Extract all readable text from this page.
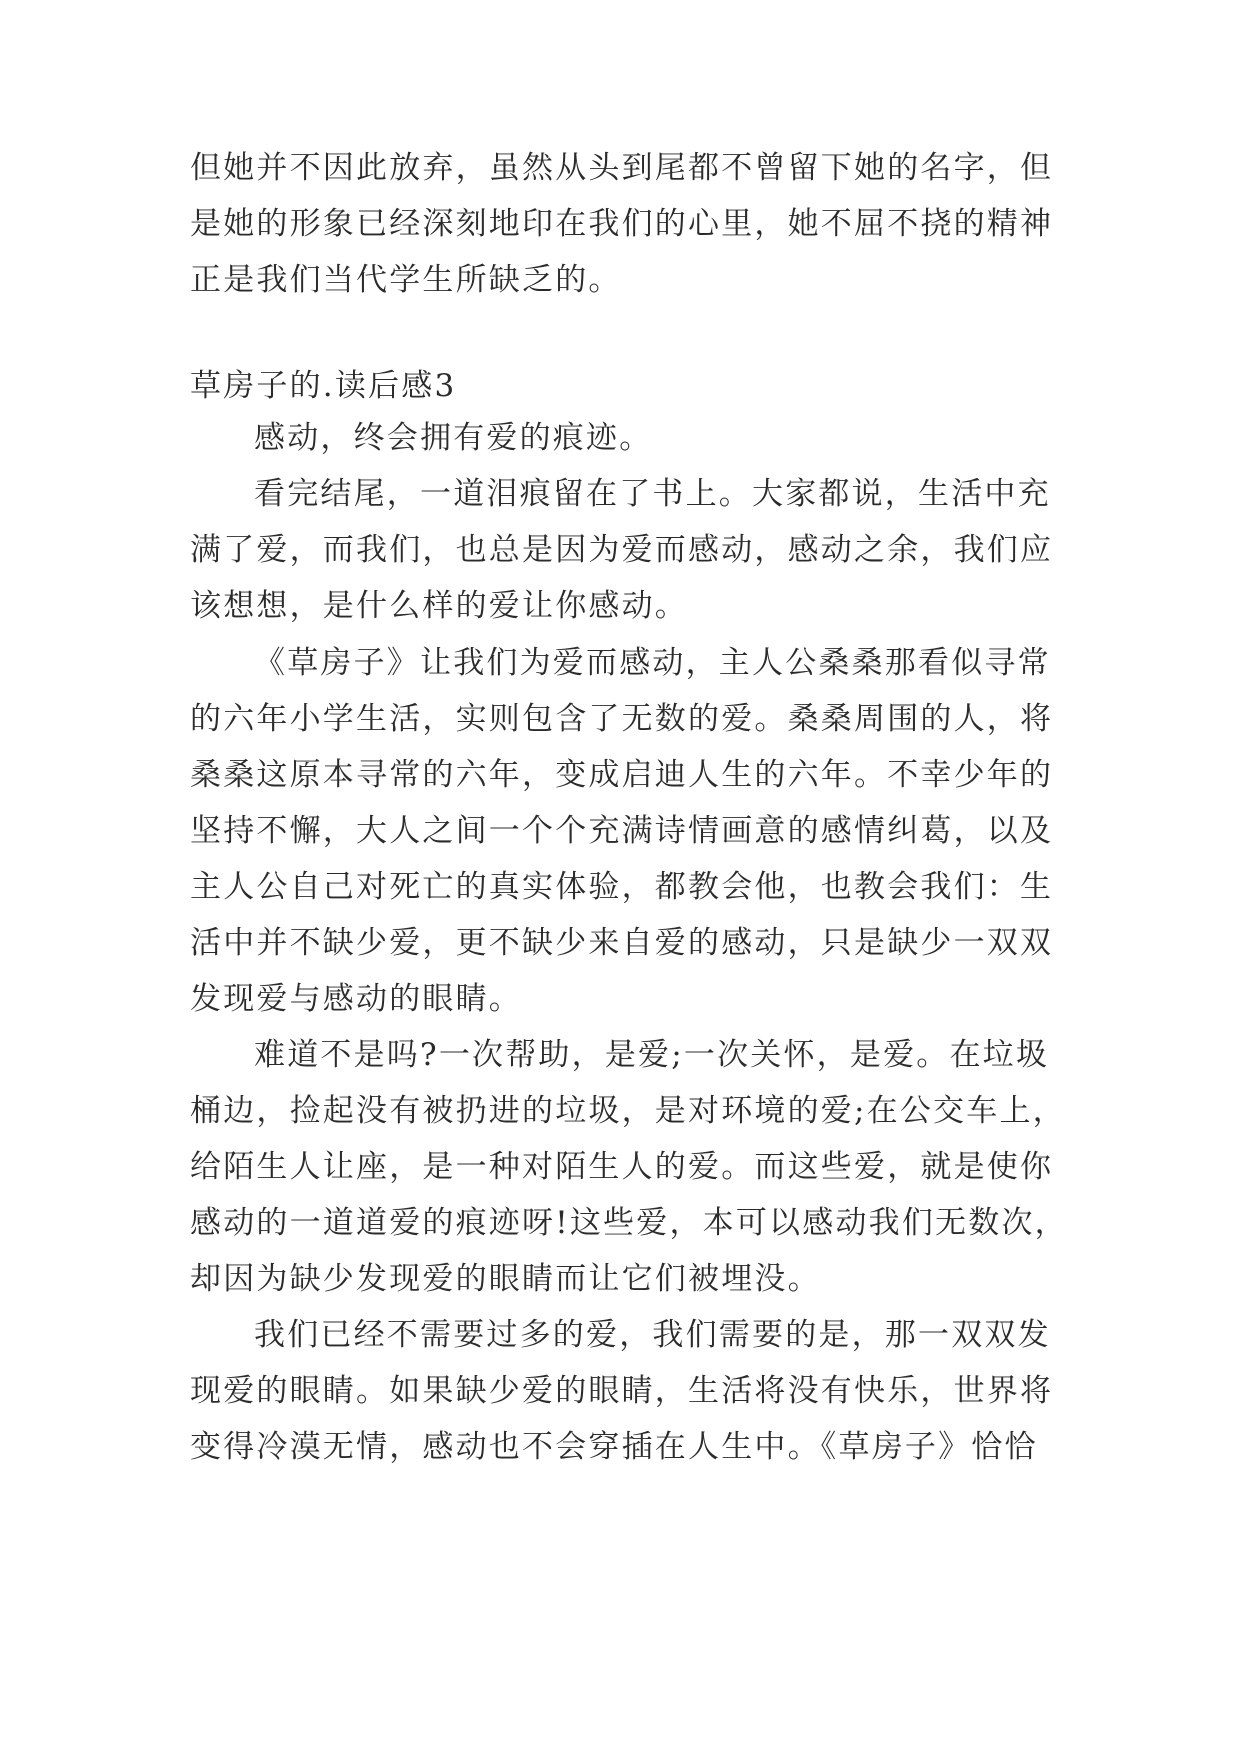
但她并不因此放弃，虽然从头到尾都不曾留下她的名字，但
是她的形象已经深刻地印在我们的心里，她不屈不挠的精神
正是我们当代学生所缺乏的。
草房子的.读后感3
感动，终会拥有爱的痕迹。
看完结尾，一道泪痕留在了书上。大家都说，生活中充
满了爱，而我们，也总是因为爱而感动，感动之余，我们应
该想想，是什么样的爱让你感动。
《草房子》让我们为爱而感动，主人公桑桑那看似寻常
的六年小学生活，实则包含了无数的爱。桑桑周围的人，将
桑桑这原本寻常的六年，变成启迪人生的六年。不幸少年的
坚持不懈，大人之间一个个充满诗情画意的感情纠葛，以及
主人公自己对死亡的真实体验，都教会他，也教会我们：生
活中并不缺少爱，更不缺少来自爱的感动，只是缺少一双双
发现爱与感动的眼睛。
难道不是吗?一次帮助，是爱;一次关怀，是爱。在垃圾
桶边，捡起没有被扔进的垃圾，是对环境的爱;在公交车上，
给陌生人让座，是一种对陌生人的爱。而这些爱，就是使你
感动的一道道爱的痕迹呀!这些爱，本可以感动我们无数次，
却因为缺少发现爱的眼睛而让它们被埋没。
我们已经不需要过多的爱，我们需要的是，那一双双发
现爱的眼睛。如果缺少爱的眼睛，生活将没有快乐，世界将
变得冷漠无情，感动也不会穿插在人生中。《草房子》恰恰
